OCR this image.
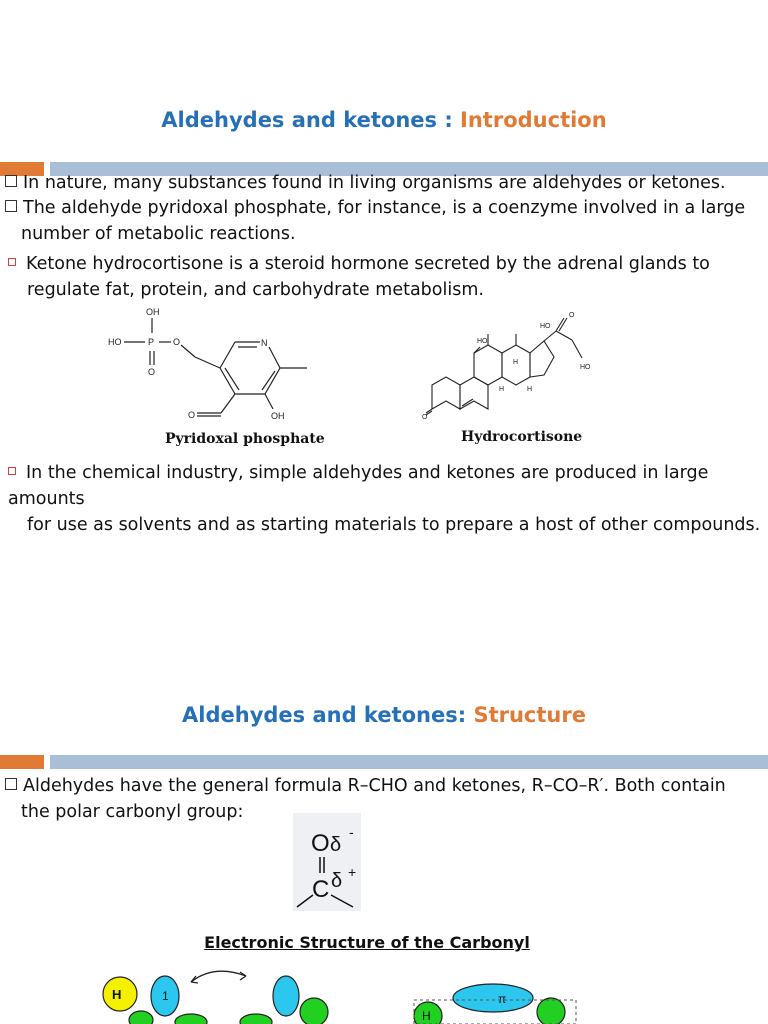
Aldehydes and ketones : Introduction
In nature, many substances found in living organisms are aldehydes or ketones.
The aldehyde pyridoxal phosphate, for instance, is a coenzyme involved in a large
number of metabolic reactions.
Ketone hydrocortisone is a steroid hormone secreted by the adrenal glands to
regulate fat, protein, and carbohydrate metabolism.
OH
HO	P O
O
N
O	OH
Pyridoxal phosphate
HO
HO
O
HO
O
H
H	H
Hydrocortisone
In the chemical industry, simple aldehydes and ketones are produced in large amounts
for use as solvents and as starting materials to prepare a host of other compounds.
Aldehydes and ketones: Structure
Aldehydes have the general formula R–CHO and ketones, R–CO–R′. Both contain
the polar carbonyl group:
O δ
-
C δ +
Electronic Structure of the Carbonyl
H	1	π
H
